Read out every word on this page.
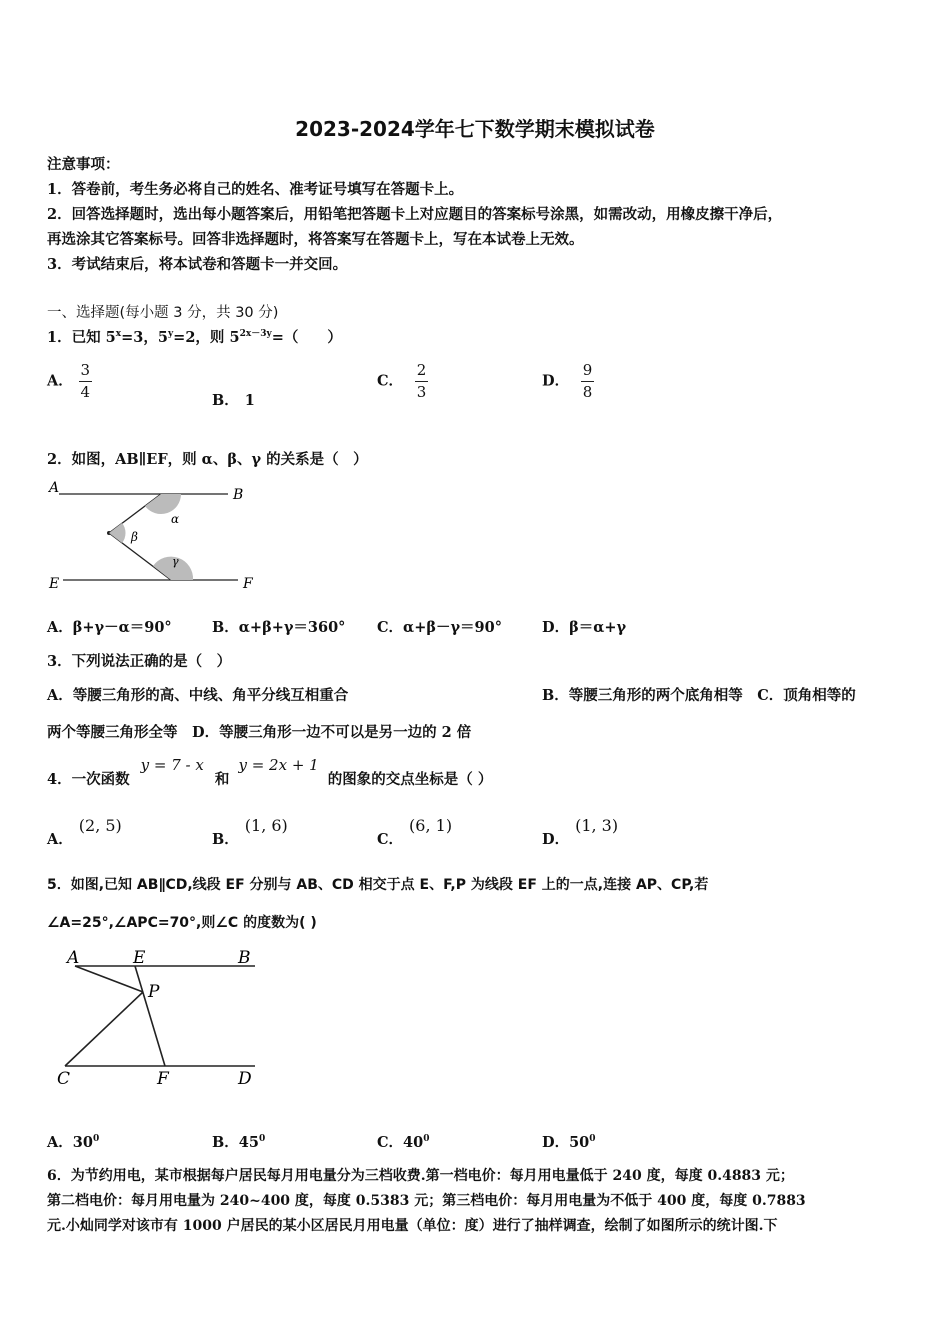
2023-2024学年七下数学期末模拟试卷
注意事项：
1．答卷前，考生务必将自己的姓名、准考证号填写在答题卡上。
2．回答选择题时，选出每小题答案后，用铅笔把答题卡上对应题目的答案标号涂黑，如需改动，用橡皮擦干净后，
再选涂其它答案标号。回答非选择题时，将答案写在答题卡上，写在本试卷上无效。
3．考试结束后，将本试卷和答题卡一并交回。
一、选择题(每小题 3 分，共 30 分)
1．已知 $5^x=3$，$5^y=2$，则 $5^{2x-3y}=$（　　）
A． $\frac{3}{4}$	B． 1
C． $\frac{2}{3}$	D． $\frac{9}{8}$
2．如图，AB∥EF，则 α、β、γ 的关系是（　）
A	B
E	F
α
β
γ
A．β+γ－α＝90°	B．α+β+γ＝360° C．α+β－γ＝90°	D．β＝α+γ
3．下列说法正确的是（　）
A．等腰三角形的高、中线、角平分线互相重合	B．等腰三角形的两个底角相等　C．顶角相等的
两个等腰三角形全等　D．等腰三角形一边不可以是另一边的 2 倍
4．一次函数 y = 7 - x 和 y = 2x + 1 的图象的交点坐标是（ ）
A．(2, 5)
B．(1, 6)
C．(6, 1)
D．(1, 3)
5．如图,已知 AB∥CD,线段 EF 分别与 AB、CD 相交于点 E、F,P 为线段 EF 上的一点,连接 AP、CP,若
∠A=25°,∠APC=70°,则∠C 的度数为( )
A	E	B
P
C	F	D
A．$30^0$	B．$45^0$	C．$40^0$	D．$50^0$
6．为节约用电，某市根据每户居民每月用电量分为三档收费.第一档电价：每月用电量低于 240 度，每度 0.4883 元；
第二档电价：每月用电量为 240~400 度，每度 0.5383 元；第三档电价：每月用电量为不低于 400 度，每度 0.7883
元.小灿同学对该市有 1000 户居民的某小区居民月用电量（单位：度）进行了抽样调查，绘制了如图所示的统计图.下
